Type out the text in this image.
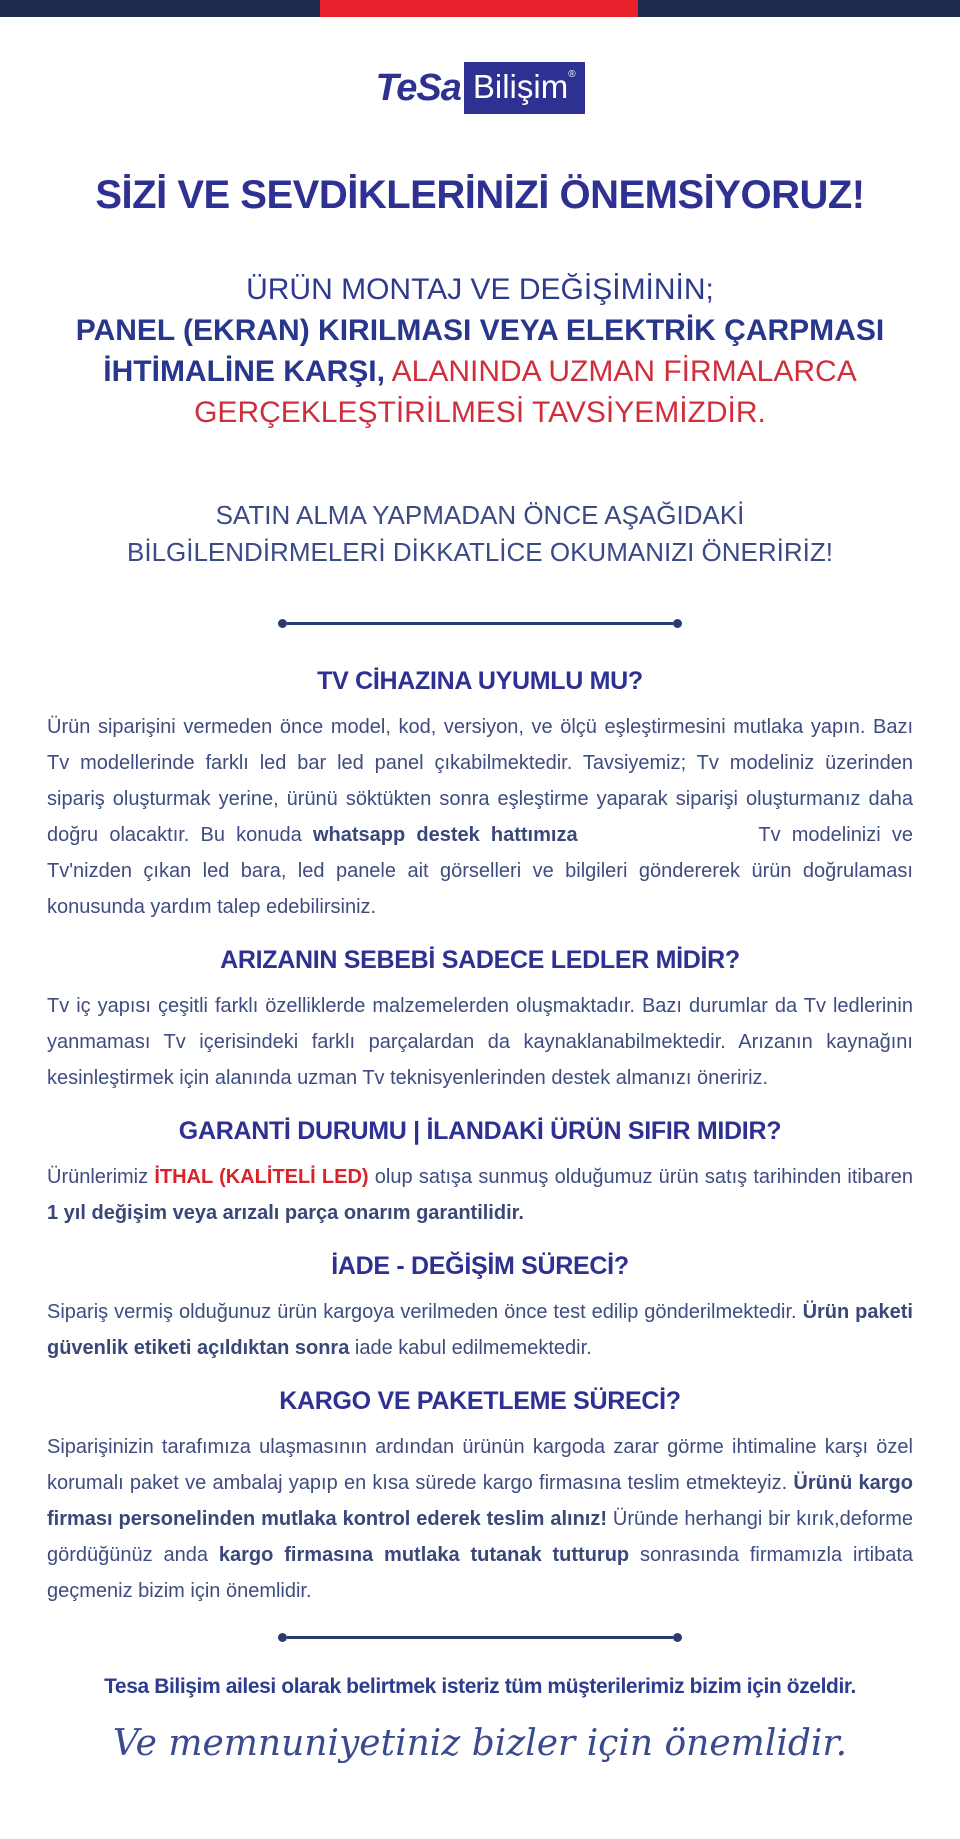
TeSa Bilişim®
SİZİ VE SEVDİKLERİNİZİ ÖNEMSİYORUZ!
ÜRÜN MONTAJ VE DEĞİŞİMİNİN;
PANEL (EKRAN) KIRILMASI VEYA ELEKTRİK ÇARPMASI İHTİMALİNE KARŞI, ALANINDA UZMAN FİRMALARCA GERÇEKLEŞTİRİLMESİ TAVSİYEMİZDİR.

SATIN ALMA YAPMADAN ÖNCE AŞAĞIDAKİ BİLGİLENDİRMELERİ DİKKATLİCE OKUMANIZI ÖNERİRİZ!

TV CİHAZINA UYUMLU MU?

Ürün siparişini vermeden önce model, kod, versiyon, ve ölçü eşleştirmesini mutlaka yapın. Bazı Tv modellerinde farklı led bar led panel çıkabilmektedir. Tavsiyemiz; Tv modeliniz üzerinden sipariş oluşturmak yerine, ürünü söktükten sonra eşleştirme yaparak siparişi oluşturmanız daha doğru olacaktır. Bu konuda whatsapp destek hattımıza	Tv modelinizi ve Tv'nizden çıkan led bara, led panele ait görselleri ve bilgileri göndererek ürün doğrulaması konusunda yardım talep edebilirsiniz.

ARIZANIN SEBEBİ SADECE LEDLER MİDİR?

Tv iç yapısı çeşitli farklı özelliklerde malzemelerden oluşmaktadır. Bazı durumlar da Tv ledlerinin yanmaması Tv içerisindeki farklı parçalardan da kaynaklanabilmektedir. Arızanın kaynağını kesinleştirmek için alanında uzman Tv teknisyenlerinden destek almanızı öneririz.

GARANTİ DURUMU | İLANDAKİ ÜRÜN SIFIR MIDIR?

Ürünlerimiz İTHAL (KALİTELİ LED) olup satışa sunmuş olduğumuz ürün satış tarihinden itibaren 1 yıl değişim veya arızalı parça onarım garantilidir.

İADE - DEĞİŞİM SÜRECİ?

Sipariş vermiş olduğunuz ürün kargoya verilmeden önce test edilip gönderilmektedir. Ürün paketi güvenlik etiketi açıldıktan sonra iade kabul edilmemektedir.

KARGO VE PAKETLEME SÜRECİ?

Siparişinizin tarafımıza ulaşmasının ardından ürünün kargoda zarar görme ihtimaline karşı özel korumalı paket ve ambalaj yapıp en kısa sürede kargo firmasına teslim etmekteyiz. Ürünü kargo firması personelinden mutlaka kontrol ederek teslim alınız! Üründe herhangi bir kırık,deforme gördüğünüz anda kargo firmasına mutlaka tutanak tutturup sonrasında firmamızla irtibata geçmeniz bizim için önemlidir.

Tesa Bilişim ailesi olarak belirtmek isteriz tüm müşterilerimiz bizim için özeldir.

Ve memnuniyetiniz bizler için önemlidir.
